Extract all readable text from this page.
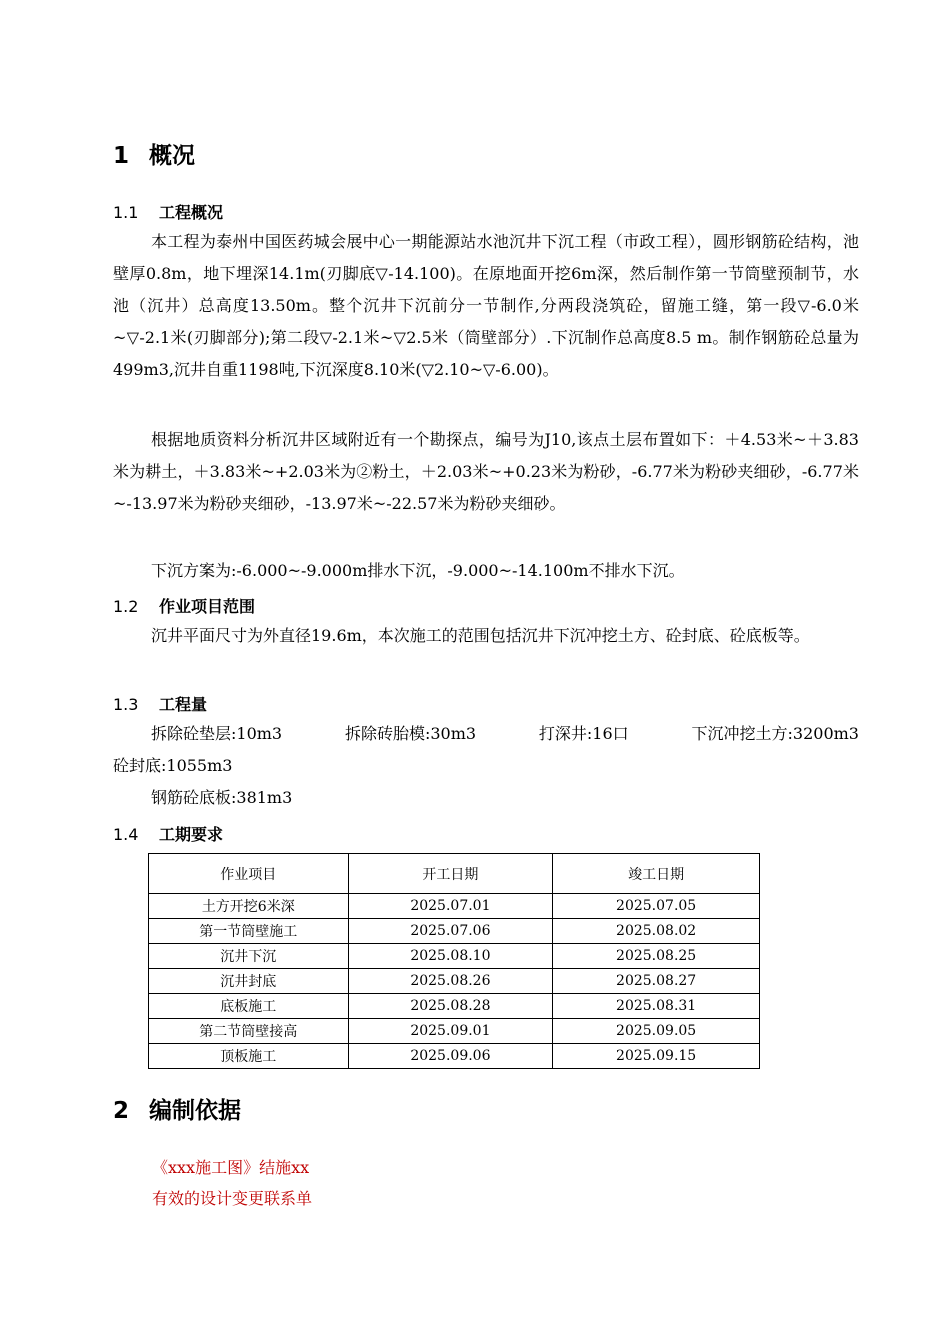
1 概况
1.1 工程概况
本工程为泰州中国医药城会展中心一期能源站水池沉井下沉工程（市政工程），圆形钢筋砼结构，池壁厚0.8m，地下埋深14.1m(刃脚底▽-14.100)。在原地面开挖6m深，然后制作第一节筒壁预制节，水池（沉井）总高度13.50m。整个沉井下沉前分一节制作,分两段浇筑砼，留施工缝，第一段▽-6.0米~▽-2.1米(刃脚部分);第二段▽-2.1米~▽2.5米（筒壁部分）.下沉制作总高度8.5 m。制作钢筋砼总量为499m3,沉井自重1198吨,下沉深度8.10米(▽2.10~▽-6.00)。
根据地质资料分析沉井区域附近有一个勘探点，编号为J10,该点土层布置如下：＋4.53米~＋3.83米为耕土，＋3.83米~+2.03米为②粉土，＋2.03米~+0.23米为粉砂，-6.77米为粉砂夹细砂，-6.77米~-13.97米为粉砂夹细砂，-13.97米~-22.57米为粉砂夹细砂。
下沉方案为:-6.000~-9.000m排水下沉，-9.000~-14.100m不排水下沉。
1.2 作业项目范围
沉井平面尺寸为外直径19.6m，本次施工的范围包括沉井下沉冲挖土方、砼封底、砼底板等。
1.3 工程量
拆除砼垫层:10m3	拆除砖胎模:30m3	打深井:16口	下沉冲挖土方:3200m3
砼封底:1055m3
钢筋砼底板:381m3
1.4 工期要求
作业项目	开工日期	竣工日期
土方开挖6米深	2025.07.01	2025.07.05
第一节筒壁施工	2025.07.06	2025.08.02
沉井下沉	2025.08.10	2025.08.25
沉井封底	2025.08.26	2025.08.27
底板施工	2025.08.28	2025.08.31
第二节筒壁接高	2025.09.01	2025.09.05
顶板施工	2025.09.06	2025.09.15
2 编制依据
《xxx施工图》结施xx
有效的设计变更联系单
